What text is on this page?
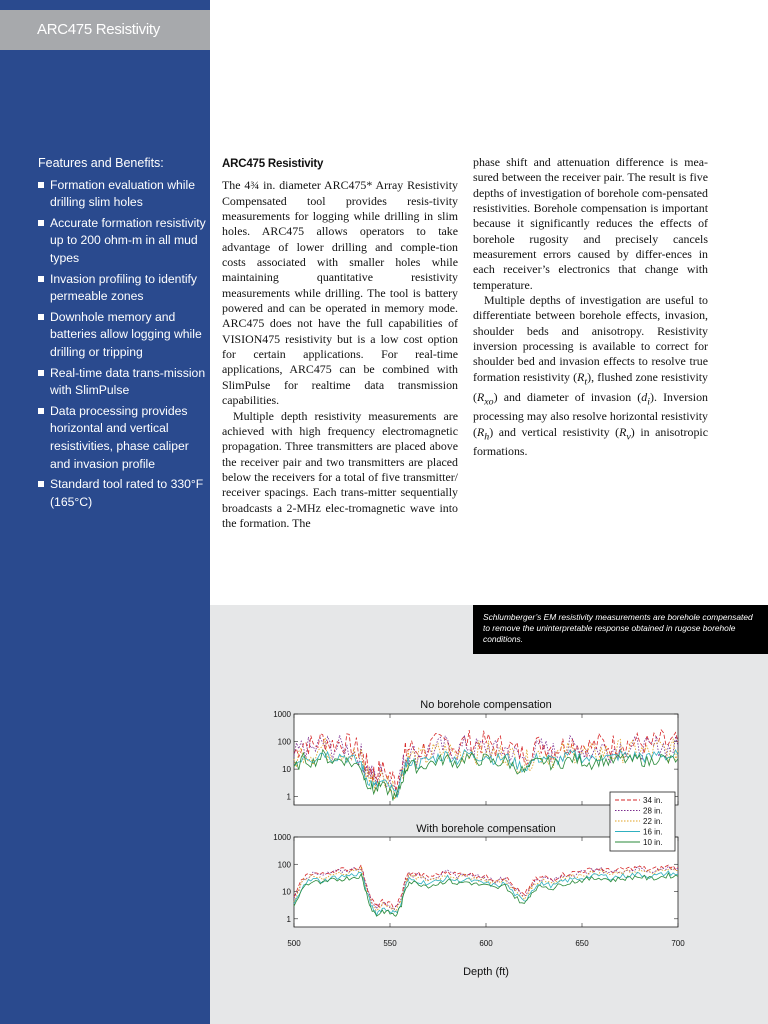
ARC475 Resistivity
Features and Benefits:
Formation evaluation while drilling slim holes
Accurate formation resistivity up to 200 ohm-m in all mud types
Invasion profiling to identify permeable zones
Downhole memory and batteries allow logging while drilling or tripping
Real-time data trans-mission with SlimPulse
Data processing provides horizontal and vertical resistivities, phase caliper and invasion profile
Standard tool rated to 330°F (165°C)
ARC475 Resistivity

The 4¾ in. diameter ARC475* Array Resistivity Compensated tool provides resis-tivity measurements for logging while drilling in slim holes. ARC475 allows operators to take advantage of lower drilling and comple-tion costs associated with smaller holes while maintaining quantitative resistivity measurements while drilling. The tool is battery powered and can be operated in memory mode. ARC475 does not have the full capabilities of VISION475 resistivity but is a low cost option for certain applications. For real-time applications, ARC475 can be combined with SlimPulse for realtime data transmission capabilities.

Multiple depth resistivity measurements are achieved with high frequency electromagnetic propagation. Three transmitters are placed above the receiver pair and two transmitters are placed below the receivers for a total of five transmitter/ receiver spacings. Each trans-mitter sequentially broadcasts a 2-MHz elec-tromagnetic wave into the formation. The

phase shift and attenuation difference is mea-sured between the receiver pair. The result is five depths of investigation of borehole com-pensated resistivities. Borehole compensation is important because it significantly reduces the effects of borehole rugosity and precisely cancels measurement errors caused by differ-ences in each receiver’s electronics that change with temperature.

Multiple depths of investigation are useful to differentiate between borehole effects, invasion, shoulder beds and anisotropy. Resistivity inversion processing is available to correct for shoulder bed and invasion effects to resolve true formation resistivity $(R_t)$, flushed zone resistivity $(R_{xo})$ and diameter of invasion $(d_i)$. Inversion processing may also resolve horizontal resistivity $(R_h)$ and vertical resistivity $(R_v)$ in anisotropic formations.

Schlumberger’s EM resistivity measurements are borehole compensated to remove the uninterpretable response obtained in rugose borehole conditions.
No borehole compensation
1000
100
10
1
With borehole compensation
1000
100
10
1
500	550	600	650	700
Depth (ft)
34 in.
28 in.
22 in.
16 in.
10 in.
